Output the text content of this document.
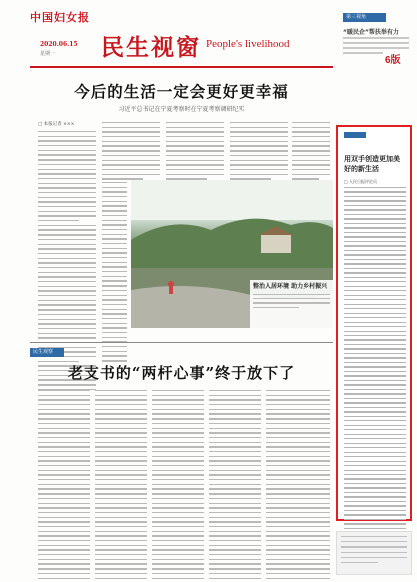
中国妇女报
2020.06.15
星期一 民生视窗 People's livelihood
第三视角
“暖民企”帮扶举有力
6版
今后的生活一定会更好更幸福
习近平总书记在宁夏考察时在宁夏考察调研纪实
□ 本报记者 ×××
整治人居环境 助力乡村振兴
民生观察
老支书的“两杆心事”终于放下了
用双手创造更加美好的新生活
□ 人民日报评论员
